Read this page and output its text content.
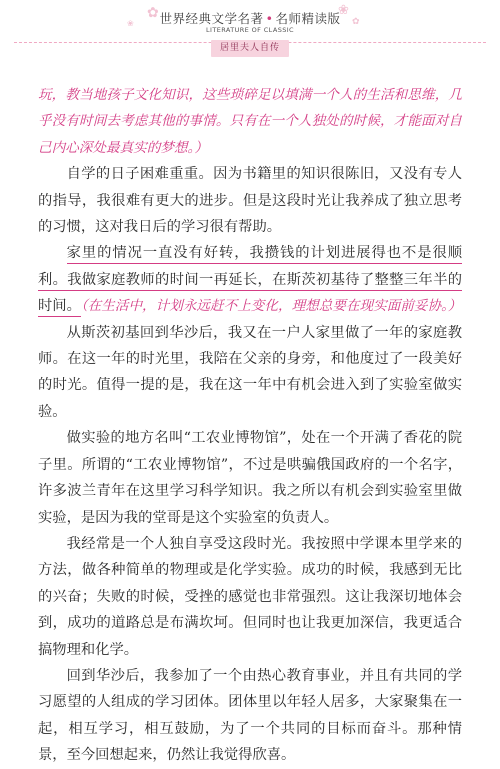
✿	❀
✿
❀	世界经典文学名著 • 名师精读版
LITERATURE OF CLASSIC
居里夫人自传

玩，教当地孩子文化知识，这些琐碎足以填满一个人的生活和思维，几乎没有时间去考虑其他的事情。只有在一个人独处的时候，才能面对自己内心深处最真实的梦想。）

自学的日子困难重重。因为书籍里的知识很陈旧，又没有专人的指导，我很难有更大的进步。但是这段时光让我养成了独立思考的习惯，这对我日后的学习很有帮助。

家里的情况一直没有好转，我攒钱的计划进展得也不是很顺利。我做家庭教师的时间一再延长，在斯茨初基待了整整三年半的时间。（在生活中，计划永远赶不上变化，理想总要在现实面前妥协。）

从斯茨初基回到华沙后，我又在一户人家里做了一年的家庭教师。在这一年的时光里，我陪在父亲的身旁，和他度过了一段美好的时光。值得一提的是，我在这一年中有机会进入到了实验室做实验。

做实验的地方名叫“工农业博物馆”，处在一个开满了香花的院子里。所谓的“工农业博物馆”，不过是哄骗俄国政府的一个名字，许多波兰青年在这里学习科学知识。我之所以有机会到实验室里做实验，是因为我的堂哥是这个实验室的负责人。

我经常是一个人独自享受这段时光。我按照中学课本里学来的方法，做各种简单的物理或是化学实验。成功的时候，我感到无比的兴奋；失败的时候，受挫的感觉也非常强烈。这让我深切地体会到，成功的道路总是布满坎坷。但同时也让我更加深信，我更适合搞物理和化学。

回到华沙后，我参加了一个由热心教育事业，并且有共同的学习愿望的人组成的学习团体。团体里以年轻人居多，大家聚集在一起，相互学习，相互鼓励，为了一个共同的目标而奋斗。那种情景，至今回想起来，仍然让我觉得欣喜。
